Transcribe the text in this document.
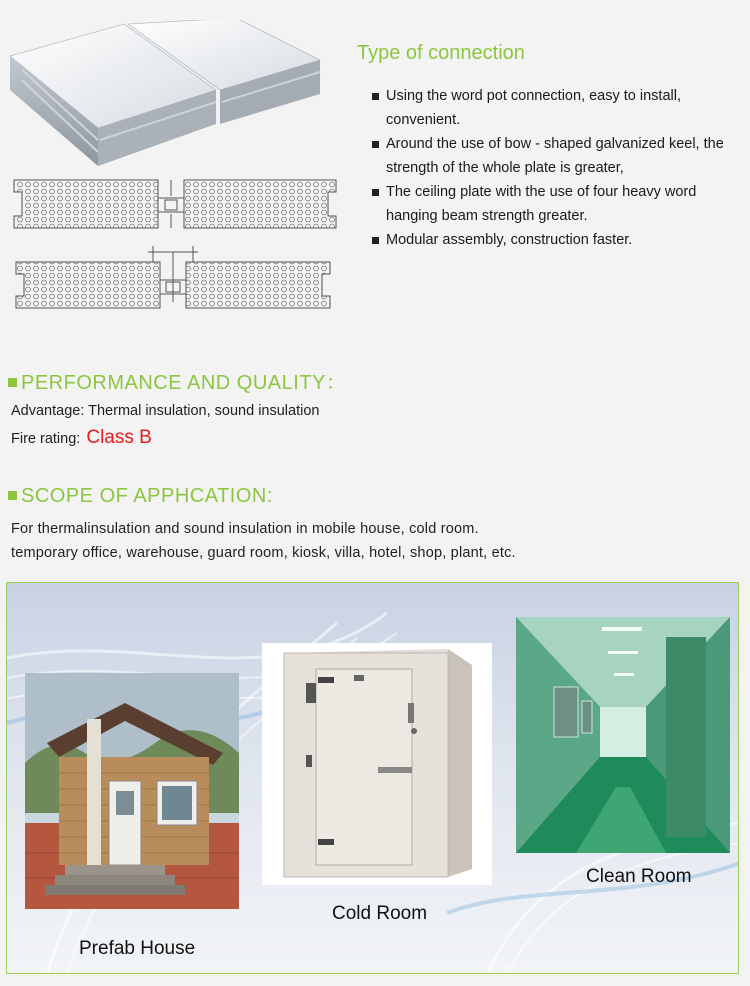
Type of connection
Using the word pot connection, easy to install, convenient.
Around the use of bow - shaped galvanized keel, the strength of the whole plate is greater,
The ceiling plate with the use of four heavy word hanging beam strength greater.
Modular assembly, construction faster.
PERFORMANCE AND QUALITY：
Advantage: Thermal insulation, sound insulation
Fire rating: Class B
SCOPE OF APPHCATION:
For thermalinsulation and sound insulation in mobile house, cold room.
temporary office, warehouse, guard room, kiosk, villa, hotel, shop, plant, etc.
Prefab House
Cold Room
Clean Room
